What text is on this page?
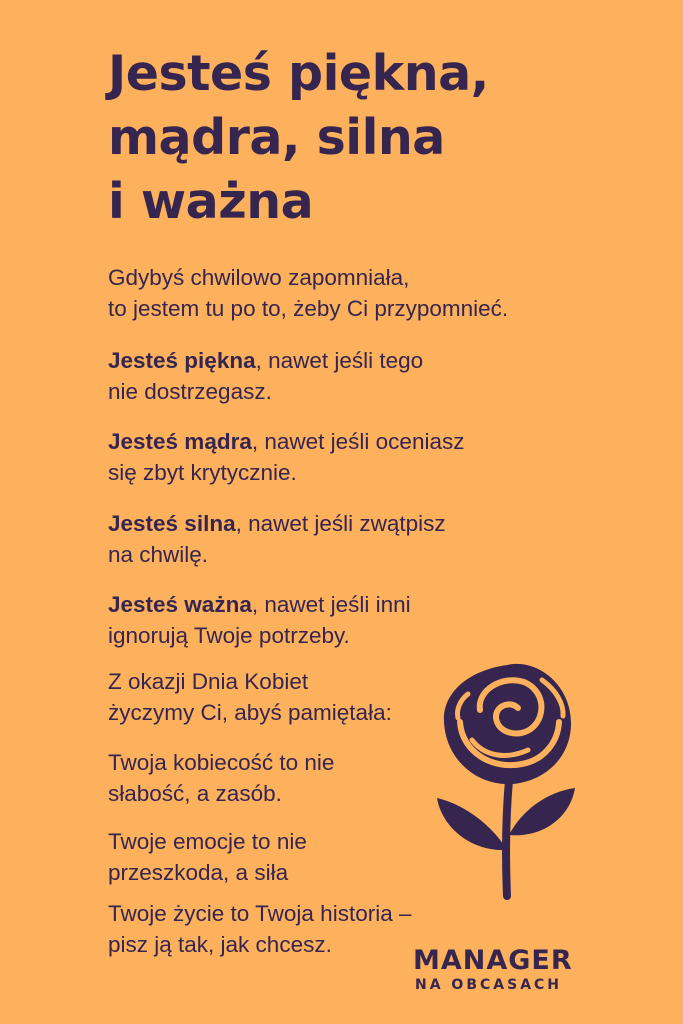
Jesteś piękna,
mądra, silna
i ważna

Gdybyś chwilowo zapomniała,
to jestem tu po to, żeby Ci przypomnieć.

Jesteś piękna, nawet jeśli tego
nie dostrzegasz.

Jesteś mądra, nawet jeśli oceniasz
się zbyt krytycznie.

Jesteś silna, nawet jeśli zwątpisz
na chwilę.

Jesteś ważna, nawet jeśli inni
ignorują Twoje potrzeby.

Z okazji Dnia Kobiet
życzymy Ci, abyś pamiętała:

Twoja kobiecość to nie
słabość, a zasób.

Twoje emocje to nie
przeszkoda, a siła

Twoje życie to Twoja historia –
pisz ją tak, jak chcesz.

MANAGER
NA OBCASACH
